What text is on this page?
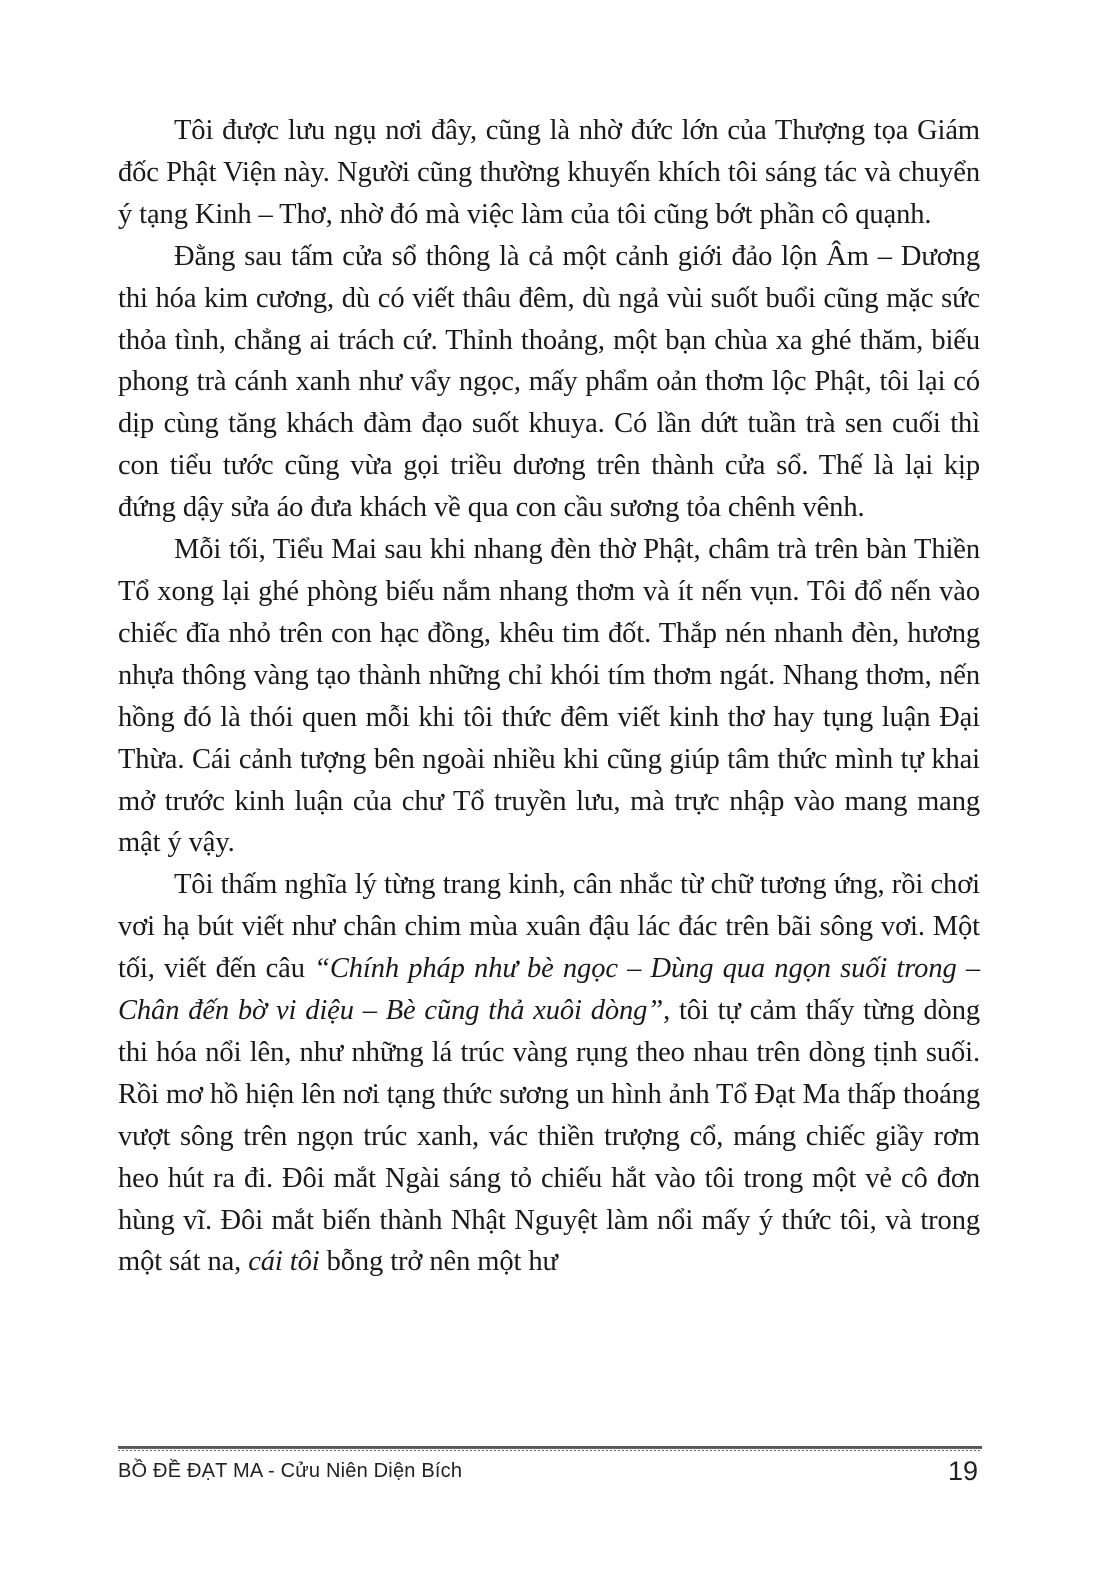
Tôi được lưu ngụ nơi đây, cũng là nhờ đức lớn của Thượng tọa Giám đốc Phật Viện này. Người cũng thường khuyến khích tôi sáng tác và chuyển ý tạng Kinh – Thơ, nhờ đó mà việc làm của tôi cũng bớt phần cô quạnh.

Đằng sau tấm cửa sổ thông là cả một cảnh giới đảo lộn Âm – Dương thi hóa kim cương, dù có viết thâu đêm, dù ngả vùi suốt buổi cũng mặc sức thỏa tình, chẳng ai trách cứ. Thỉnh thoảng, một bạn chùa xa ghé thăm, biếu phong trà cánh xanh như vẩy ngọc, mấy phẩm oản thơm lộc Phật, tôi lại có dịp cùng tăng khách đàm đạo suốt khuya. Có lần dứt tuần trà sen cuối thì con tiểu tước cũng vừa gọi triều dương trên thành cửa sổ. Thế là lại kịp đứng dậy sửa áo đưa khách về qua con cầu sương tỏa chênh vênh.

Mỗi tối, Tiểu Mai sau khi nhang đèn thờ Phật, châm trà trên bàn Thiền Tổ xong lại ghé phòng biếu nắm nhang thơm và ít nến vụn. Tôi đổ nến vào chiếc đĩa nhỏ trên con hạc đồng, khêu tim đốt. Thắp nén nhanh đèn, hương nhựa thông vàng tạo thành những chỉ khói tím thơm ngát. Nhang thơm, nến hồng đó là thói quen mỗi khi tôi thức đêm viết kinh thơ hay tụng luận Đại Thừa. Cái cảnh tượng bên ngoài nhiều khi cũng giúp tâm thức mình tự khai mở trước kinh luận của chư Tổ truyền lưu, mà trực nhập vào mang mang mật ý vậy.

Tôi thấm nghĩa lý từng trang kinh, cân nhắc từ chữ tương ứng, rồi chơi vơi hạ bút viết như chân chim mùa xuân đậu lác đác trên bãi sông vơi. Một tối, viết đến câu “Chính pháp như bè ngọc – Dùng qua ngọn suối trong – Chân đến bờ vi diệu – Bè cũng thả xuôi dòng”, tôi tự cảm thấy từng dòng thi hóa nổi lên, như những lá trúc vàng rụng theo nhau trên dòng tịnh suối. Rồi mơ hồ hiện lên nơi tạng thức sương un hình ảnh Tổ Đạt Ma thấp thoáng vượt sông trên ngọn trúc xanh, vác thiền trượng cổ, máng chiếc giầy rơm heo hút ra đi. Đôi mắt Ngài sáng tỏ chiếu hắt vào tôi trong một vẻ cô đơn hùng vĩ. Đôi mắt biến thành Nhật Nguyệt làm nổi mấy ý thức tôi, và trong một sát na, cái tôi bỗng trở nên một hư

BỒ ĐỀ ĐẠT MA - Cửu Niên Diện Bích	19
